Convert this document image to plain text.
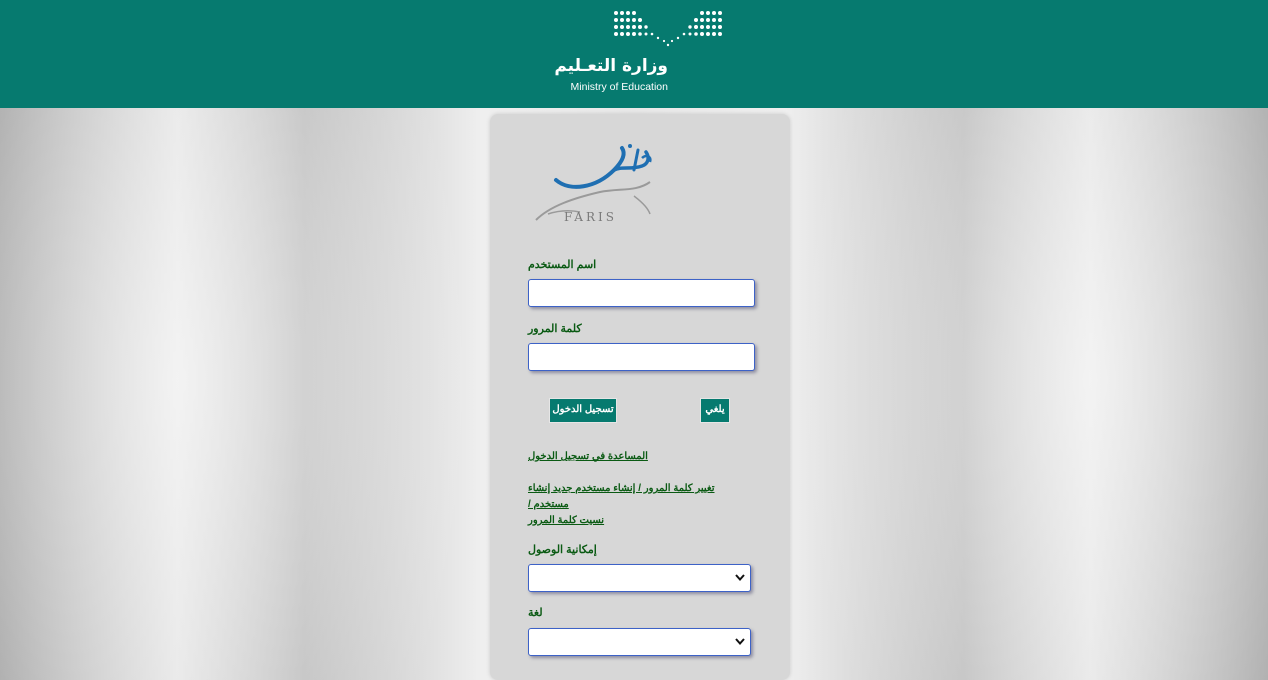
وزارة التعـليم
Ministry of Education
FARIS
اسم المستخدم
كلمة المرور
تسجيل الدخول	يلغي
المساعدة في تسجيل الدخول
تغيير كلمة المرور / إنشاء مستخدم جديد إنشاء مستخدم /
نسيت كلمة المرور
إمكانية الوصول
لغة
